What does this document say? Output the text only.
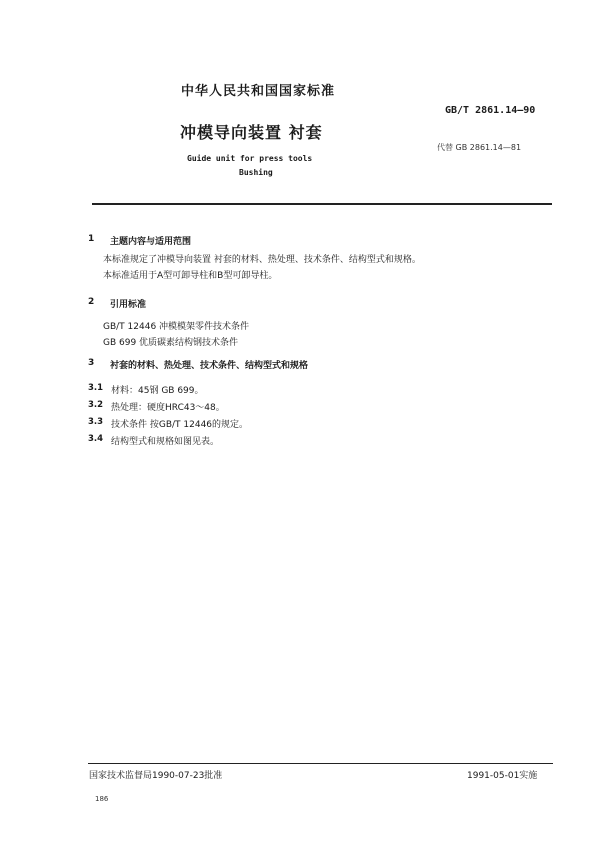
中华人民共和国国家标准
GB/T 2861.14—90
冲模导向装置 衬套
代替 GB 2861.14—81
Guide unit for press tools
Bushing
1 主题内容与适用范围
本标准规定了冲模导向装置 衬套的材料、热处理、技术条件、结构型式和规格。
本标准适用于A型可卸导柱和B型可卸导柱。
2 引用标准
GB/T 12446 冲模模架零件技术条件
GB 699 优质碳素结构钢技术条件
3 衬套的材料、热处理、技术条件、结构型式和规格
3.1 材料：45钢 GB 699。
3.2 热处理：硬度HRC43～48。
3.3 技术条件 按GB/T 12446的规定。
3.4 结构型式和规格如图见表。
国家技术监督局1990-07-23批准	1991-05-01实施
186
